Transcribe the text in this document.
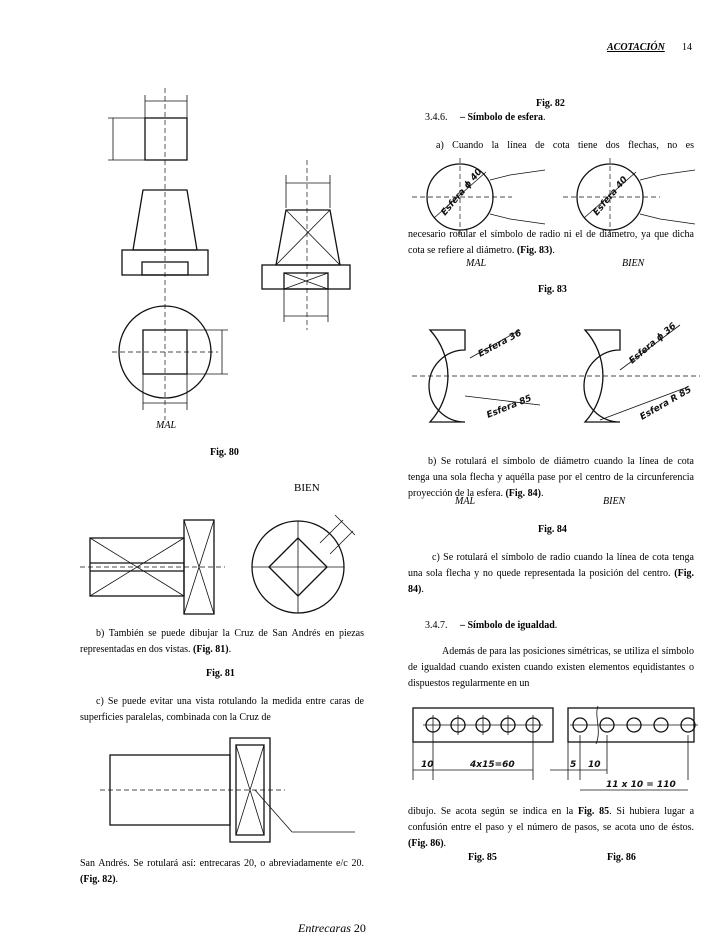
ACOTACIÓN 14
MAL
Fig. 80
BIEN
b) También se puede dibujar la Cruz de San Andrés en piezas representadas en dos vistas. (Fig. 81).
Fig. 81
c) Se puede evitar una vista rotulando la medida entre caras de superficies paralelas, combinada con la Cruz de
San Andrés. Se rotulará así: entrecaras 20, o abreviadamente e/c 20. (Fig. 82).
Fig. 82
3.4.6. – Símbolo de esfera.
a) Cuando la línea de cota tiene dos flechas, no es
Esfera ϕ 40	Esfera 40
necesario rotular el símbolo de radio ni el de diámetro, ya que dicha cota se refiere al diámetro. (Fig. 83).
MAL	BIEN
Fig. 83
Esfera 36
Esfera 85
Esfera ϕ 36
Esfera R 85
b) Se rotulará el símbolo de diámetro cuando la línea de cota tenga una sola flecha y aquélla pase por el centro de la circunferencia proyección de la esfera. (Fig. 84).
MAL	BIEN
Fig. 84
c) Se rotulará el símbolo de radio cuando la línea de cota tenga una sola flecha y no quede representada la posición del centro. (Fig. 84).
3.4.7. – Símbolo de igualdad.
Además de para las posiciones simétricas, se utiliza el símbolo de igualdad cuando existen cuando existen elementos equidistantes o dispuestos regularmente en un
10	4x15=60	5 10
11 x 10 = 110
dibujo. Se acota según se indica en la Fig. 85. Si hubiera lugar a confusión entre el paso y el número de pasos, se acota uno de éstos. (Fig. 86).
Fig. 85	Fig. 86
Entrecaras 20
